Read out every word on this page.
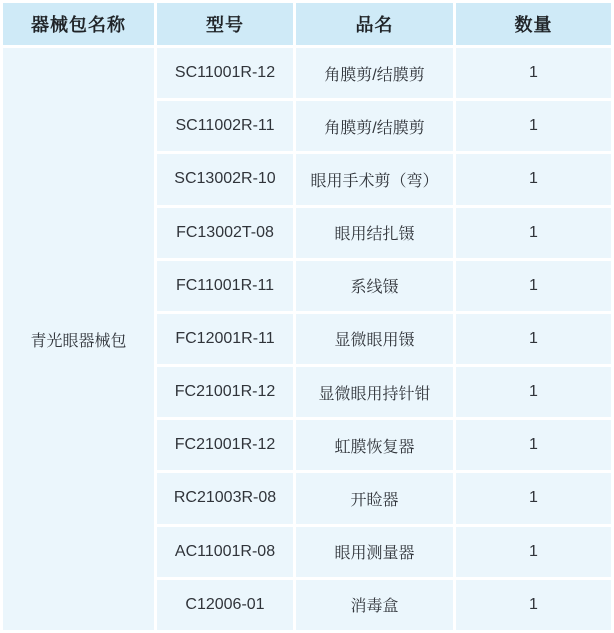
器械包名称	型号	品名	数量
青光眼器械包	SC11001R-12	角膜剪/结膜剪	1
	SC11002R-11	角膜剪/结膜剪	1
	SC13002R-10	眼用手术剪（弯）	1
	FC13002T-08	眼用结扎镊	1
	FC11001R-11	系线镊	1
	FC12001R-11	显微眼用镊	1
	FC21001R-12	显微眼用持针钳	1
	FC21001R-12	虹膜恢复器	1
	RC21003R-08	开睑器	1
	AC11001R-08	眼用测量器	1
	C12006-01	消毒盒	1
